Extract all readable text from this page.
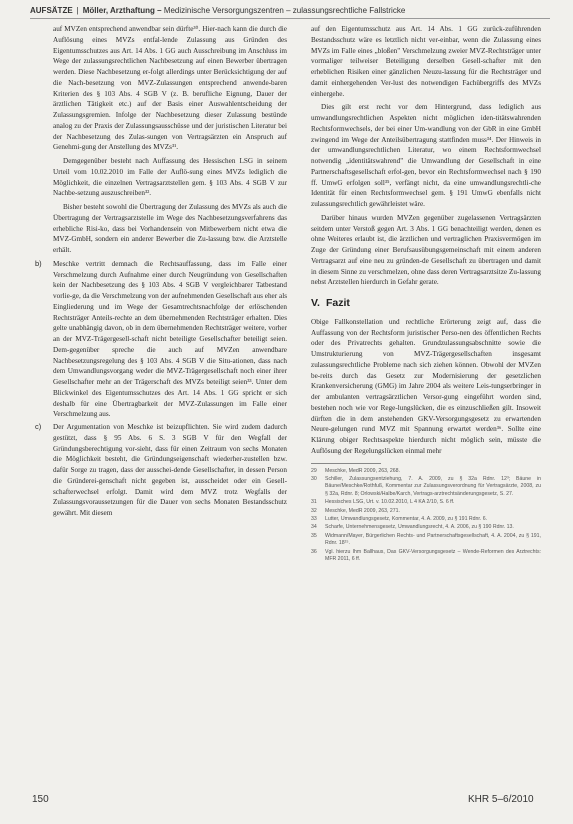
AUFSÄTZE | Möller, Arzthaftung – Medizinische Versorgungszentren – zulassungsrechtliche Fallstricke

auf MVZen entsprechend anwendbar sein dürfte³⁰. Hier-nach kann die durch die Auflösung eines MVZs entfal-lende Zulassung aus Gründen des Eigentumsschutzes aus Art. 14 Abs. 1 GG auch Ausschreibung im Anschluss im Wege der zulassungsrechtlichen Nachbesetzung auf einen Bewerber übertragen werden. Diese Nachbesetzung er-folgt allerdings unter Berücksichtigung der auf die Nach-besetzung von MVZ-Zulassungen entsprechend anwende-baren Kriterien des § 103 Abs. 4 SGB V (z. B. berufliche Eignung, Dauer der ärztlichen Tätigkeit etc.) auf der Basis einer Auswahlentscheidung der Zulassungsgremien. Infolge der Nachbesetzung dieser Zulassung bestünde analog zu der Praxis der Zulassungsausschüsse und der juristischen Literatur bei der Nachbesetzung des Zulas-sungen von Vertragsärzten ein Anspruch auf Genehmi-gung der Anstellung des MVZs³¹.

Demgegenüber besteht nach Auffassung des Hessischen LSG in seinem Urteil vom 10.02.2010 im Falle der Auflö-sung eines MVZs lediglich die Möglichkeit, die einzelnen Vertragsarztstellen gem. § 103 Abs. 4 SGB V zur Nachbe-setzung auszuschreiben³².

Bisher besteht sowohl die Übertragung der Zulassung des MVZs als auch die Übertragung der Vertragsarztstelle im Wege des Nachbesetzungsverfahrens das erhebliche Risi-ko, dass bei Vorhandensein von Mitbewerbern nicht etwa die MVZ-GmbH, sondern ein anderer Bewerber die Zu-lassung bzw. die Arztstelle erhält.

b) Meschke vertritt demnach die Rechtsauffassung, dass im Falle einer Verschmelzung durch Aufnahme einer durch Neugründung von Gesellschaften kein der Nachbesetzung des § 103 Abs. 4 SGB V vergleichbarer Tatbestand vorlie-ge, da die Verschmelzung von der aufnehmenden Gesellschaft aus eher als Eingliederung und im Wege der Gesamtrechtsnachfolge der erlöschenden Rechtsträger Anteils-rechte an dem übernehmenden Rechtsträger erhalten. Dies gelte unabhängig davon, ob in dem übernehmenden Rechtsträger weitere, vorher an der MVZ-Trägergesell-schaft nicht beteiligte Gesellschafter beteiligt seien. Dem-gegenüber spreche die auch auf MVZen anwendbare Nachbesetzungsregelung des § 103 Abs. 4 SGB V die Situ-ationen, dass nach dem Umwandlungsvorgang weder die MVZ-Trägergesellschaft noch einer ihrer Gesellschafter mehr an der Trägerschaft des MVZs beteiligt seien³³. Unter dem Blickwinkel des Eigentumsschutzes des Art. 14 Abs. 1 GG spricht er sich deshalb für eine Übertragbarkeit der MVZ-Zulassungen im Falle einer Verschmelzung aus.
c) Der Argumentation von Meschke ist beizupflichten. Sie wird zudem dadurch gestützt, dass § 95 Abs. 6 S. 3 SGB V für den Wegfall der Gründungsberechtigung vor-sieht, dass für einen Zeitraum von sechs Monaten die Möglichkeit besteht, die Gründungseigenschaft wiederher-zustellen bzw. dafür Sorge zu tragen, dass der ausschei-dende Gesellschafter, in dessen Person die Gründerei-genschaft nicht gegeben ist, ausscheidet oder ein Gesell-schafterwechsel erfolgt. Damit wird dem MVZ trotz Wegfalls der Zulassungsvoraussetzungen für die Dauer von sechs Monaten Bestandsschutz gewährt. Mit diesem

auf den Eigentumsschutz aus Art. 14 Abs. 1 GG zurück-zuführenden Bestandsschutz wäre es letztlich nicht ver-einbar, wenn die Zulassung eines MVZs im Falle eines „bloßen" Verschmelzung zweier MVZ-Rechtsträger unter vormaliger teilweiser Beteiligung derselben Gesell-schafter mit den erheblichen Risiken einer gänzlichen Neuzu-lassung für die Rechtsträger und damit einhergehenden Ver-lust des notwendigen Fachübergriffs des MVZs einhergehe.

Dies gilt erst recht vor dem Hintergrund, dass lediglich aus umwandlungsrechtlichen Aspekten nicht möglichen iden-titätswahrenden Rechtsformwechsels, der bei einer Um-wandlung von der GbR in eine GmbH zwingend im Wege der Anteilsübertragung stattfinden muss³⁴. Der Hinweis in der umwandlungsrechtlichen Literatur, wo einem Rechtsformwechsel notwendig „identitätswahrend" die Umwandlung der Gesellschaft in eine Partnerschaftsgesellschaft erfol-gen, bevor ein Rechtsformwechsel nach § 190 ff. UmwG erfolgen soll³⁵, verfängt nicht, da eine umwandlungsrechtli-che Identität für einen Rechtsformwechsel gem. § 191 UmwG ebenfalls nicht zulassungsrechtlich gewährleistet wäre.

Darüber hinaus wurden MVZen gegenüber zugelassenen Vertragsärzten seitdem unter Verstoß gegen Art. 3 Abs. 1 GG benachteiligt werden, denen es ohne Weiteres erlaubt ist, die ärztlichen und vertraglichen Praxisvermögen im Zuge der Gründung einer Berufsausübungsgemeinschaft mit einem anderen Vertragsarzt auf eine neu zu gründen-de Gesellschaft zu übertragen und damit in diesem Sinne zu verschmelzen, ohne dass deren Vertragsarztsitze Zu-lassung nebst Arztstellen hierdurch in Gefahr gerate.

V. Fazit

Obige Fallkonstellation und rechtliche Erörterung zeigt auf, dass die Auffassung von der Rechtsform juristischer Perso-nen des öffentlichen Rechts oder des Privatrechts gehalten. Grundzulassungsabschnitte sowie die Umstrukturierung von MVZ-Trägergesellschaften insgesamt zulassungsrechtliche Probleme nach sich ziehen können. Obwohl der MVZen be-reits durch das Gesetz zur Modernisierung der gesetzlichen Krankenversicherung (GMG) im Jahre 2004 als weitere Leis-tungserbringer in der ambulanten vertragsärztlichen Versor-gung eingeführt worden sind, bestehen noch wie vor Rege-lungslücken, die es einzuschließen gilt. Insoweit dürften die in dem anstehenden GKV-Versorgungsgesetz zu erwartenden Neure-gelungen rund MVZ mit Spannung erwartet werden³⁶. Sollte eine Klärung obiger Rechtsaspekte hierdurch nicht möglich sein, müsste die Auflösung der Regelungslücken einmal mehr

29 Meschke, MedR 2009, 263, 268.
30 Schiller, Zulassungsentziehung, 7. A. 2009, zu § 32a Rdnr. 12³; Bäune in Bäune/Meschke/Rothfuß, Kommentar zur Zulassungsverordnung für Vertragsärzte, 2008, zu § 32a, Rdnr. 8; Orlowski/Halbe/Karch, Vertrags-arztrechtsänderungsgesetz, S. 27.
31 Hessisches LSG, Urt. v. 10.02.2010, L 4 KA 2/10, S. 6 ff.
32 Meschke, MedR 2009, 263, 271.
33 Lutter, Umwandlungsgesetz, Kommentar, 4. A. 2009, zu § 191 Rdnr. 6.
34 Scharfe, Unternehmensgesetz, Umwandlungsrecht, 4. A. 2006, zu § 190 Rdnr. 13.
35 Widmann/Mayer, Bürgerlichen Rechts- und Partnerschaftsgesellschaft, 4. A. 2004, zu § 191, Rdnr. 18¹⁵.
36 Vgl. hierzu Ihm Ballhaus, Das GKV-Versorgungsgesetz – Wende-Reformen des Arztrechts: MFR 2011, 6 ff.
150	KHR 5–6/2010
